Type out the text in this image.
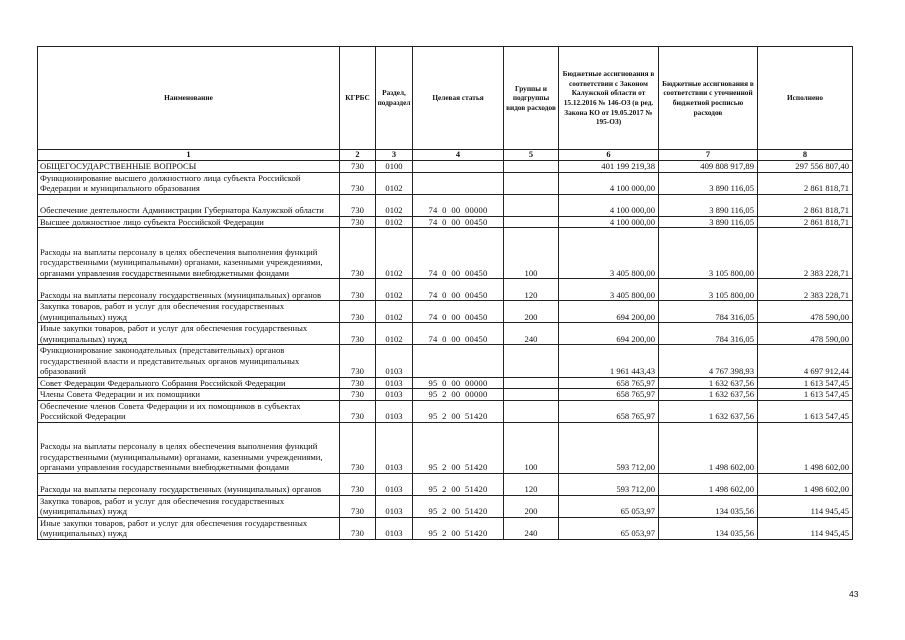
Наименование	КГРБС	Раздел, подраздел	Целевая статья	Группы и подгруппы видов расходов	Бюджетные ассигнования в соответствии с Законом Калужской области от 15.12.2016 № 146-ОЗ (в ред. Закона КО от 19.05.2017 № 195-ОЗ)	Бюджетные ассигнования в соответствии с уточненной бюджетной росписью расходов	Исполнено
1	2	3	4	5	6	7	8
ОБЩЕГОСУДАРСТВЕННЫЕ ВОПРОСЫ	730	0100			401 199 219,38	409 808 917,89	297 556 807,40
Функционирование высшего должностного лица субъекта Российской Федерации и муниципального образования	730	0102			4 100 000,00	3 890 116,05	2 861 818,71
Обеспечение деятельности Администрации Губернатора Калужской области	730	0102	74  0  00  00000		4 100 000,00	3 890 116,05	2 861 818,71
Высшее должностное лицо субъекта Российской Федерации	730	0102	74  0  00  00450		4 100 000,00	3 890 116,05	2 861 818,71
Расходы на выплаты персоналу в целях обеспечения выполнения функций государственными (муниципальными) органами, казенными учреждениями, органами управления государственными внебюджетными фондами	730	0102	74  0  00  00450	100	3 405 800,00	3 105 800,00	2 383 228,71
Расходы на выплаты персоналу государственных (муниципальных) органов	730	0102	74  0  00  00450	120	3 405 800,00	3 105 800,00	2 383 228,71
Закупка товаров, работ и услуг для обеспечения государственных (муниципальных) нужд	730	0102	74  0  00  00450	200	694 200,00	784 316,05	478 590,00
Иные закупки товаров, работ и услуг для обеспечения государственных (муниципальных) нужд	730	0102	74  0  00  00450	240	694 200,00	784 316,05	478 590,00
Функционирование законодательных (представительных) органов государственной власти и представительных органов муниципальных образований	730	0103			1 961 443,43	4 767 398,93	4 697 912,44
Совет Федерации Федерального Собрания Российской Федерации	730	0103	95  0  00  00000		658 765,97	1 632 637,56	1 613 547,45
Члены Совета Федерации и их помощники	730	0103	95  2  00  00000		658 765,97	1 632 637,56	1 613 547,45
Обеспечение членов Совета Федерации и их помощников в субъектах Российской Федерации	730	0103	95  2  00  51420		658 765,97	1 632 637,56	1 613 547,45
Расходы на выплаты персоналу в целях обеспечения выполнения функций государственными (муниципальными) органами, казенными учреждениями, органами управления государственными внебюджетными фондами	730	0103	95  2  00  51420	100	593 712,00	1 498 602,00	1 498 602,00
Расходы на выплаты персоналу государственных (муниципальных) органов	730	0103	95  2  00  51420	120	593 712,00	1 498 602,00	1 498 602,00
Закупка товаров, работ и услуг для обеспечения государственных (муниципальных) нужд	730	0103	95  2  00  51420	200	65 053,97	134 035,56	114 945,45
Иные закупки товаров, работ и услуг для обеспечения государственных (муниципальных) нужд	730	0103	95  2  00  51420	240	65 053,97	134 035,56	114 945,45
43
